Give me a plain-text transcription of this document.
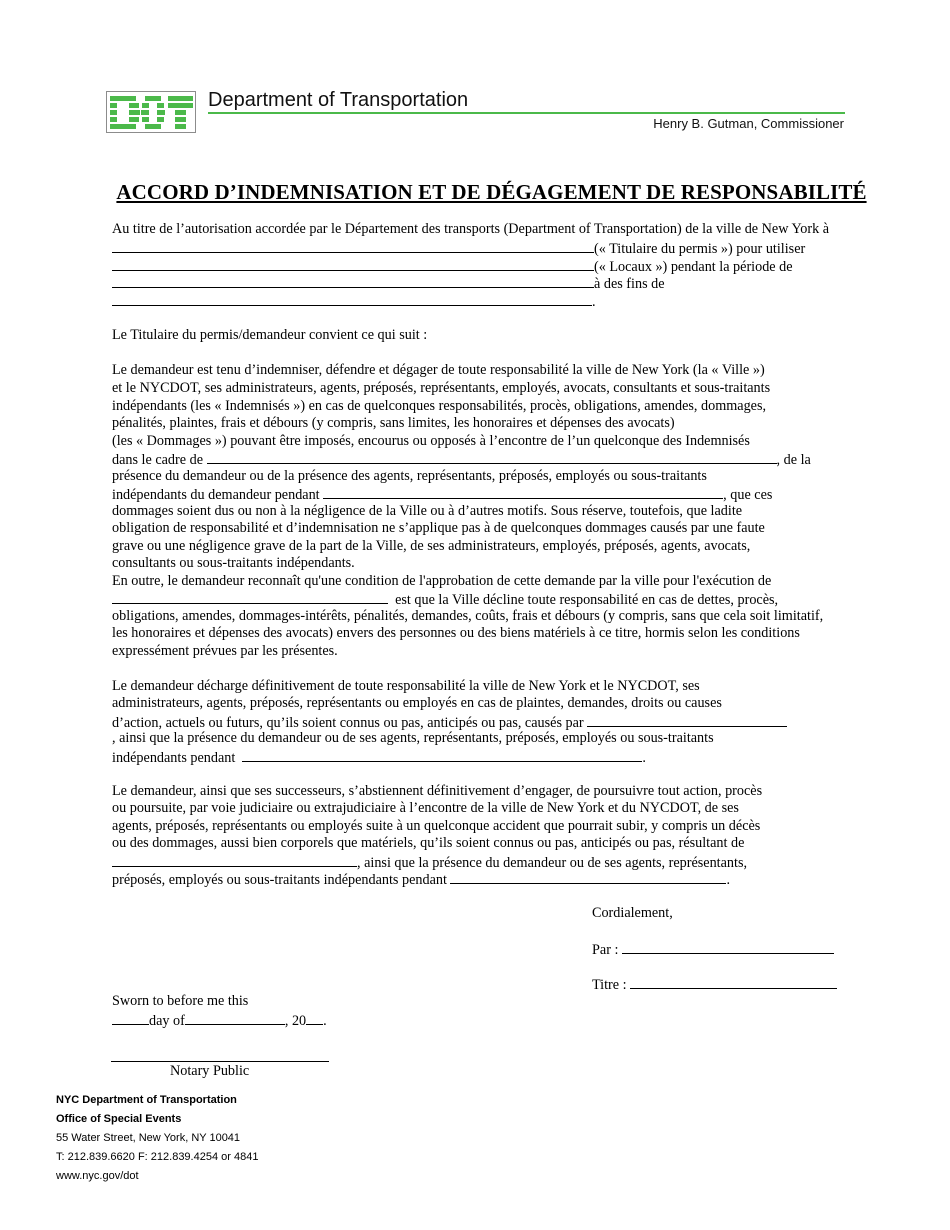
Department of Transportation
Henry B. Gutman, Commissioner
ACCORD D’INDEMNISATION ET DE DÉGAGEMENT DE RESPONSABILITÉ
Au titre de l’autorisation accordée par le Département des transports (Department of Transportation) de la ville de New York à
(« Titulaire du permis ») pour utiliser
(« Locaux ») pendant la période de
à des fins de
.
Le Titulaire du permis/demandeur convient ce qui suit :
Le demandeur est tenu d’indemniser, défendre et dégager de toute responsabilité la ville de New York (la « Ville »)
et le NYCDOT, ses administrateurs, agents, préposés, représentants, employés, avocats, consultants et sous-traitants
indépendants (les « Indemnisés ») en cas de quelconques responsabilités, procès, obligations, amendes, dommages,
pénalités, plaintes, frais et débours (y compris, sans limites, les honoraires et dépenses des avocats)
(les « Dommages ») pouvant être imposés, encourus ou opposés à l’encontre de l’un quelconque des Indemnisés
dans le cadre de	, de la
présence du demandeur ou de la présence des agents, représentants, préposés, employés ou sous-traitants
indépendants du demandeur pendant	, que ces
dommages soient dus ou non à la négligence de la Ville ou à d’autres motifs. Sous réserve, toutefois, que ladite
obligation de responsabilité et d’indemnisation ne s’applique pas à de quelconques dommages causés par une faute
grave ou une négligence grave de la part de la Ville, de ses administrateurs, employés, préposés, agents, avocats,
consultants ou sous-traitants indépendants.
En outre, le demandeur reconnaît qu'une condition de l'approbation de cette demande par la ville pour l'exécution de
est que la Ville décline toute responsabilité en cas de dettes, procès,
obligations, amendes, dommages-intérêts, pénalités, demandes, coûts, frais et débours (y compris, sans que cela soit limitatif,
les honoraires et dépenses des avocats) envers des personnes ou des biens matériels à ce titre, hormis selon les conditions
expressément prévues par les présentes.
Le demandeur décharge définitivement de toute responsabilité la ville de New York et le NYCDOT, ses
administrateurs, agents, préposés, représentants ou employés en cas de plaintes, demandes, droits ou causes
d’action, actuels ou futurs, qu’ils soient connus ou pas, anticipés ou pas, causés par
, ainsi que la présence du demandeur ou de ses agents, représentants, préposés, employés ou sous-traitants
indépendants pendant	.
Le demandeur, ainsi que ses successeurs, s’abstiennent définitivement d’engager, de poursuivre tout action, procès
ou poursuite, par voie judiciaire ou extrajudiciaire à l’encontre de la ville de New York et du NYCDOT, de ses
agents, préposés, représentants ou employés suite à un quelconque accident que pourrait subir, y compris un décès
ou des dommages, aussi bien corporels que matériels, qu’ils soient connus ou pas, anticipés ou pas, résultant de
, ainsi que la présence du demandeur ou de ses agents, représentants,
préposés, employés ou sous-traitants indépendants pendant	.
Cordialement,
Par :
Titre :
Sworn to before me this
day of	, 20 .
Notary Public
NYC Department of Transportation
Office of Special Events
55 Water Street, New York, NY 10041
T: 212.839.6620 F: 212.839.4254 or 4841
www.nyc.gov/dot
